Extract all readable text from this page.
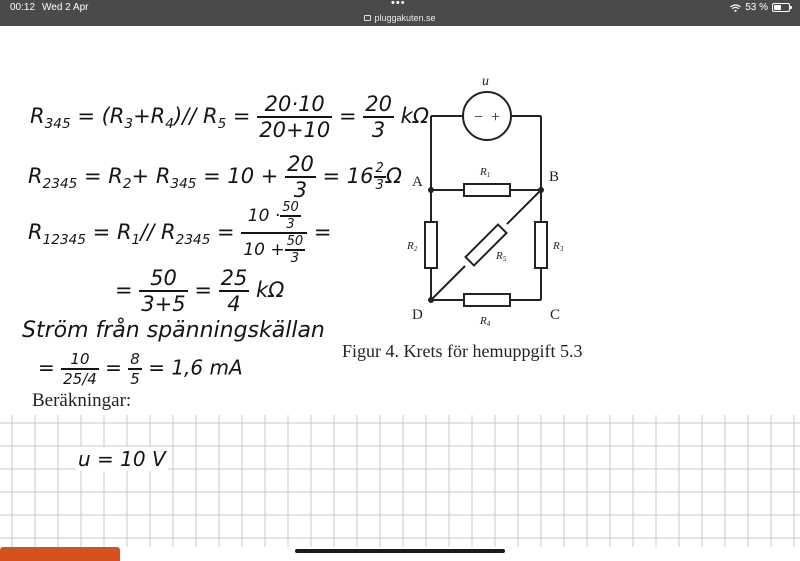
00:12 Wed 2 Apr	•••
pluggakuten.se
53 %
$R_{345} = (R_3+R_4)//$ $R_5 = \frac{20\cdot 10}{20+10} = \frac{20}{3}$ kΩ
$R_{2345} = R_2+ R_{345} = 10 + \frac{20}{3} = 16 \frac{2}{3}$ Ω
$R_{12345} = R_1//$ $R_{2345} = \frac{10 \cdot \frac{50}{3}}{10 + \frac{50}{3}}$ =
= $\frac{50}{3+5} = \frac{25}{4}$ kΩ
Ström från spänningskällan
= $\frac{10}{25/4} = \frac{8}{5} = 1,6$ mA
− +
u
A	B
C
D
R1
R2	R3
R4
R5
Figur 4. Krets för hemuppgift 5.3
Beräkningar:
u = 10 V
